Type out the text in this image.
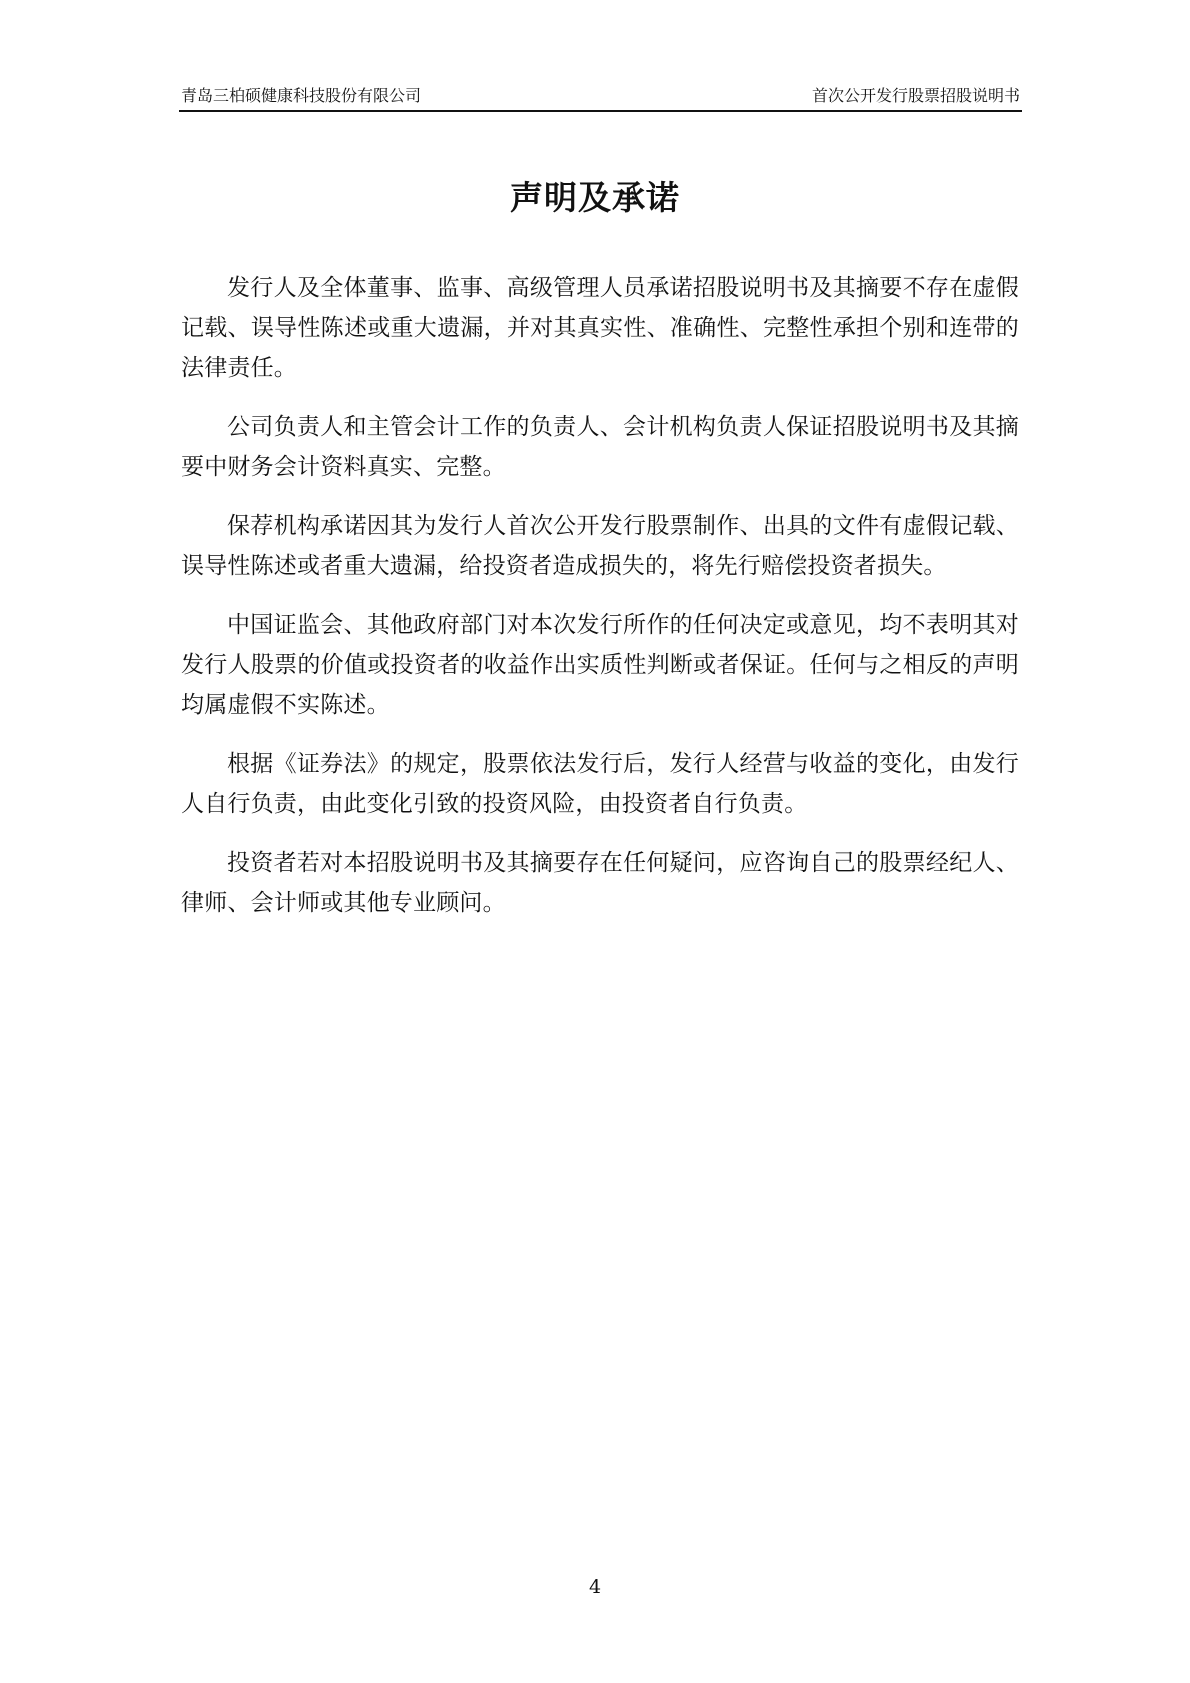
青岛三柏硕健康科技股份有限公司	首次公开发行股票招股说明书
声明及承诺

发行人及全体董事、监事、高级管理人员承诺招股说明书及其摘要不存在虚假记载、误导性陈述或重大遗漏，并对其真实性、准确性、完整性承担个别和连带的法律责任。

公司负责人和主管会计工作的负责人、会计机构负责人保证招股说明书及其摘要中财务会计资料真实、完整。

保荐机构承诺因其为发行人首次公开发行股票制作、出具的文件有虚假记载、误导性陈述或者重大遗漏，给投资者造成损失的，将先行赔偿投资者损失。

中国证监会、其他政府部门对本次发行所作的任何决定或意见，均不表明其对发行人股票的价值或投资者的收益作出实质性判断或者保证。任何与之相反的声明均属虚假不实陈述。

根据《证券法》的规定，股票依法发行后，发行人经营与收益的变化，由发行人自行负责，由此变化引致的投资风险，由投资者自行负责。

投资者若对本招股说明书及其摘要存在任何疑问，应咨询自己的股票经纪人、律师、会计师或其他专业顾问。

4
